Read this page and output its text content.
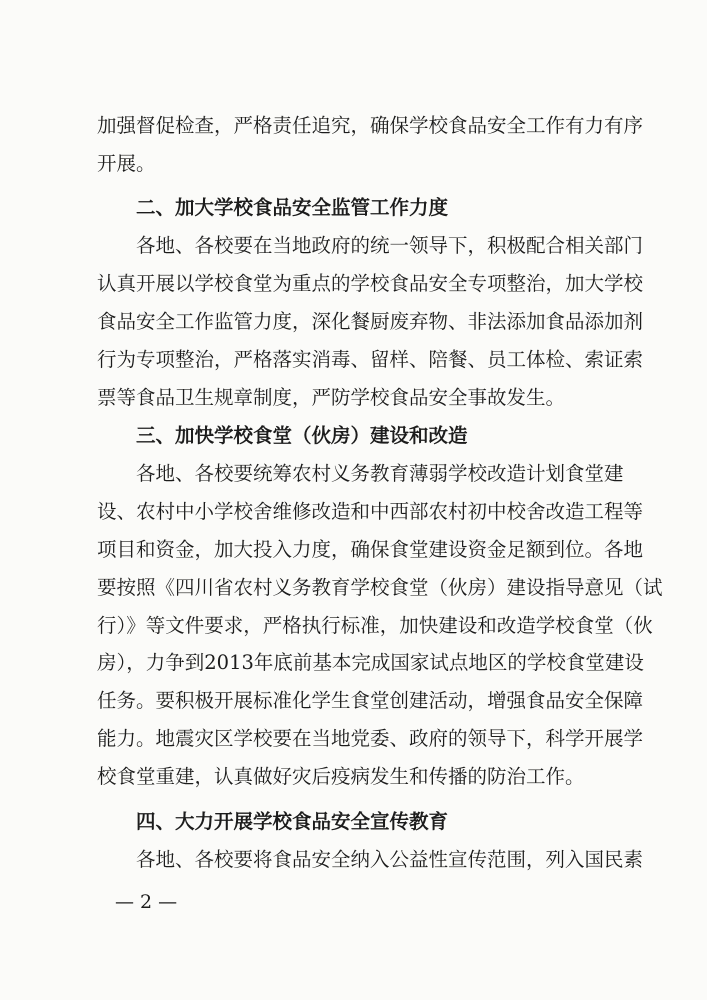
加强督促检查，严格责任追究，确保学校食品安全工作有力有序
开展。
二、加大学校食品安全监管工作力度
各地、各校要在当地政府的统一领导下，积极配合相关部门
认真开展以学校食堂为重点的学校食品安全专项整治，加大学校
食品安全工作监管力度，深化餐厨废弃物、非法添加食品添加剂
行为专项整治，严格落实消毒、留样、陪餐、员工体检、索证索
票等食品卫生规章制度，严防学校食品安全事故发生。
三、加快学校食堂（伙房）建设和改造
各地、各校要统筹农村义务教育薄弱学校改造计划食堂建
设、农村中小学校舍维修改造和中西部农村初中校舍改造工程等
项目和资金，加大投入力度，确保食堂建设资金足额到位。各地
要按照《四川省农村义务教育学校食堂（伙房）建设指导意见（试
行）》等文件要求，严格执行标准，加快建设和改造学校食堂（伙
房），力争到2013年底前基本完成国家试点地区的学校食堂建设
任务。要积极开展标准化学生食堂创建活动，增强食品安全保障
能力。地震灾区学校要在当地党委、政府的领导下，科学开展学
校食堂重建，认真做好灾后疫病发生和传播的防治工作。
四、大力开展学校食品安全宣传教育
各地、各校要将食品安全纳入公益性宣传范围，列入国民素
— 2 —
